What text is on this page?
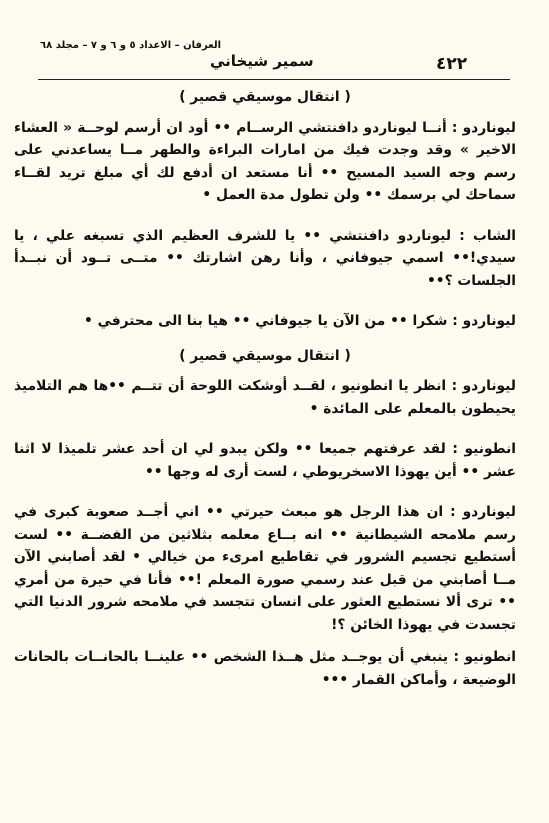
العرفان – الاعداد ٥ و ٦ و ٧ – مجلد ٦٨
سمير شيخاني	٤٢٢
( انتقال موسيقي قصير )

ليوناردو : أنــا ليوناردو دافنتشي الرســام •• أود ان أرسم لوحــة « العشاء الاخير » وقد وجدت فيك من امارات البراءة والطهر مــا يساعدني على رسم وجه السيد المسيح •• أنا مستعد ان أدفع لك أي مبلغ تريد لقــاء سماحك لي برسمك •• ولن تطول مدة العمل •

الشاب : ليوناردو دافنتشي •• يا للشرف العظيم الذي تسبغه علي ، يا سيدي!•• اسمي جيوفاني ، وأنا رهن اشارتك •• متــى تــود أن نبــدأ الجلسات ؟••

ليوناردو : شكرا •• من الآن يا جيوفاني •• هيا بنا الى محترفي •

( انتقال موسيقي قصير )

ليوناردو : انظر يا انطونيو ، لقــد أوشكت اللوحة أن تتــم ••ها هم التلاميذ يحيطون بالمعلم على المائدة •

انطونيو : لقد عرفتهم جميعا •• ولكن يبدو لي ان أحد عشر تلميذا لا اثنا عشر •• أين يهوذا الاسخريوطي ، لست أرى له وجها ••

ليوناردو : ان هذا الرجل هو مبعث حيرتي •• اني أجــد صعوبة كبرى في رسم ملامحه الشيطانية •• انه بــاع معلمه بثلاثين من الفضــة •• لست أستطيع تجسيم الشرور في تقاطيع امرىء من خيالي • لقد أصابني الآن مــا أصابني من قبل عند رسمي صورة المعلم !•• فأنا في حيرة من أمري •• ترى ألا نستطيع العثور على انسان تتجسد في ملامحه شرور الدنيا التي تجسدت في يهوذا الخائن ؟!

انطونيو : ينبغي أن يوجــد مثل هــذا الشخص •• علينــا بالحانــات بالحانات الوضيعة ، وأماكن القمار •••
